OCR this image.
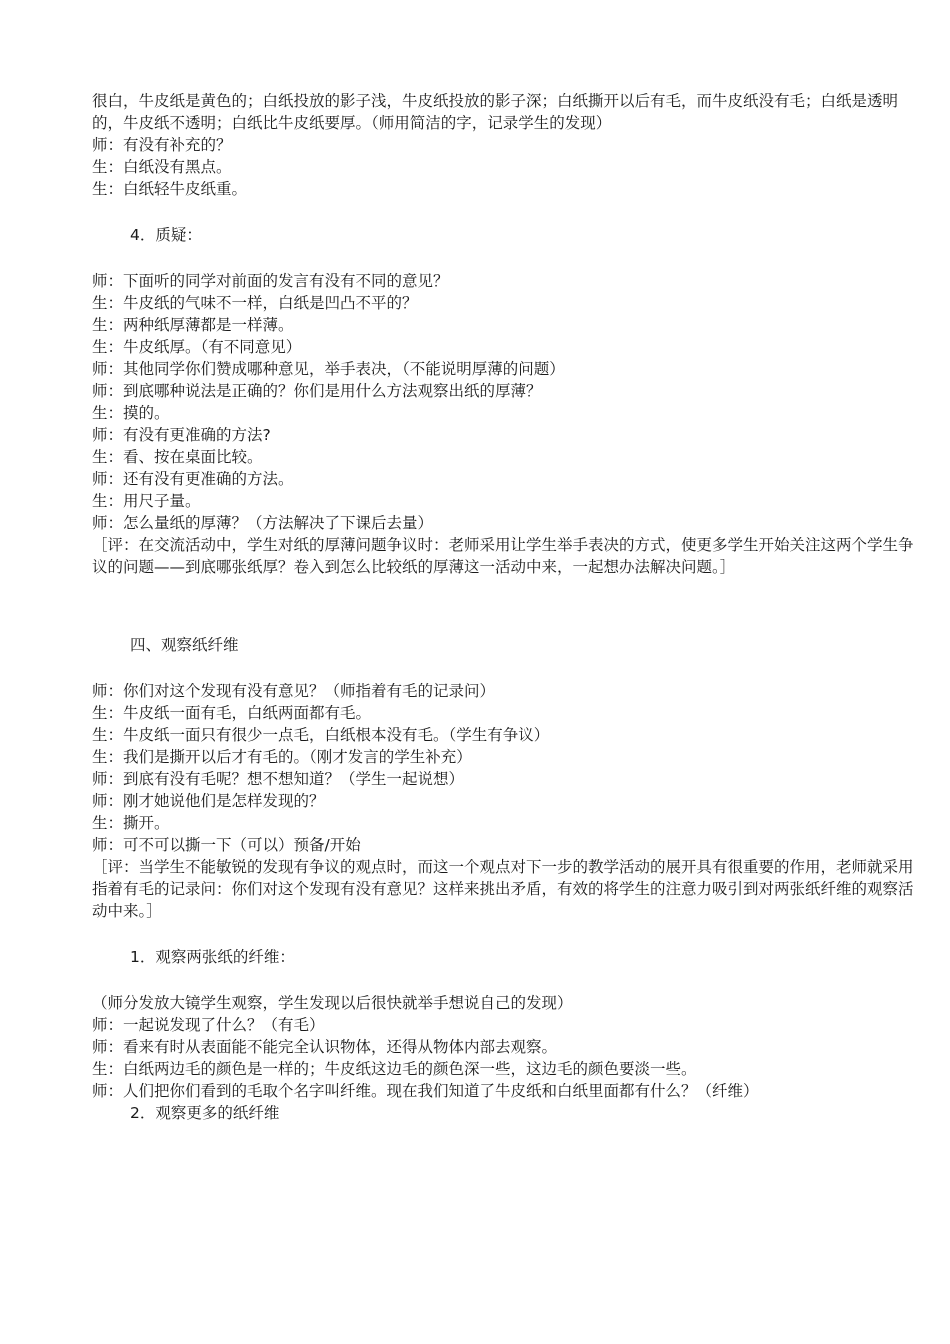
很白，牛皮纸是黄色的；白纸投放的影子浅，牛皮纸投放的影子深；白纸撕开以后有毛，而牛皮纸没有毛；白纸是透明的，牛皮纸不透明；白纸比牛皮纸要厚。（师用简洁的字，记录学生的发现）

师：有没有补充的？

生：白纸没有黑点。

生：白纸轻牛皮纸重。

4．质疑：

师：下面听的同学对前面的发言有没有不同的意见？

生：牛皮纸的气味不一样，白纸是凹凸不平的？

生：两种纸厚薄都是一样薄。

生：牛皮纸厚。（有不同意见）

师：其他同学你们赞成哪种意见，举手表决，（不能说明厚薄的问题）

师：到底哪种说法是正确的？你们是用什么方法观察出纸的厚薄？

生：摸的。

师：有没有更准确的方法?

生：看、按在桌面比较。

师：还有没有更准确的方法。

生：用尺子量。

师：怎么量纸的厚薄？（方法解决了下课后去量）

［评：在交流活动中，学生对纸的厚薄问题争议时：老师采用让学生举手表决的方式，使更多学生开始关注这两个学生争议的问题——到底哪张纸厚？卷入到怎么比较纸的厚薄这一活动中来，一起想办法解决问题。］

四、观察纸纤维

师：你们对这个发现有没有意见？（师指着有毛的记录问）

生：牛皮纸一面有毛，白纸两面都有毛。

生：牛皮纸一面只有很少一点毛，白纸根本没有毛。（学生有争议）

生：我们是撕开以后才有毛的。（刚才发言的学生补充）

师：到底有没有毛呢？想不想知道？（学生一起说想）

师：刚才她说他们是怎样发现的？

生：撕开。

师：可不可以撕一下（可以）预备/开始

［评：当学生不能敏锐的发现有争议的观点时，而这一个观点对下一步的教学活动的展开具有很重要的作用，老师就采用指着有毛的记录问：你们对这个发现有没有意见？这样来挑出矛盾，有效的将学生的注意力吸引到对两张纸纤维的观察活动中来。］

1．观察两张纸的纤维：

（师分发放大镜学生观察，学生发现以后很快就举手想说自己的发现）

师：一起说发现了什么？（有毛）

师：看来有时从表面能不能完全认识物体，还得从物体内部去观察。

生：白纸两边毛的颜色是一样的；牛皮纸这边毛的颜色深一些，这边毛的颜色要淡一些。

师：人们把你们看到的毛取个名字叫纤维。现在我们知道了牛皮纸和白纸里面都有什么？（纤维）

2．观察更多的纸纤维
